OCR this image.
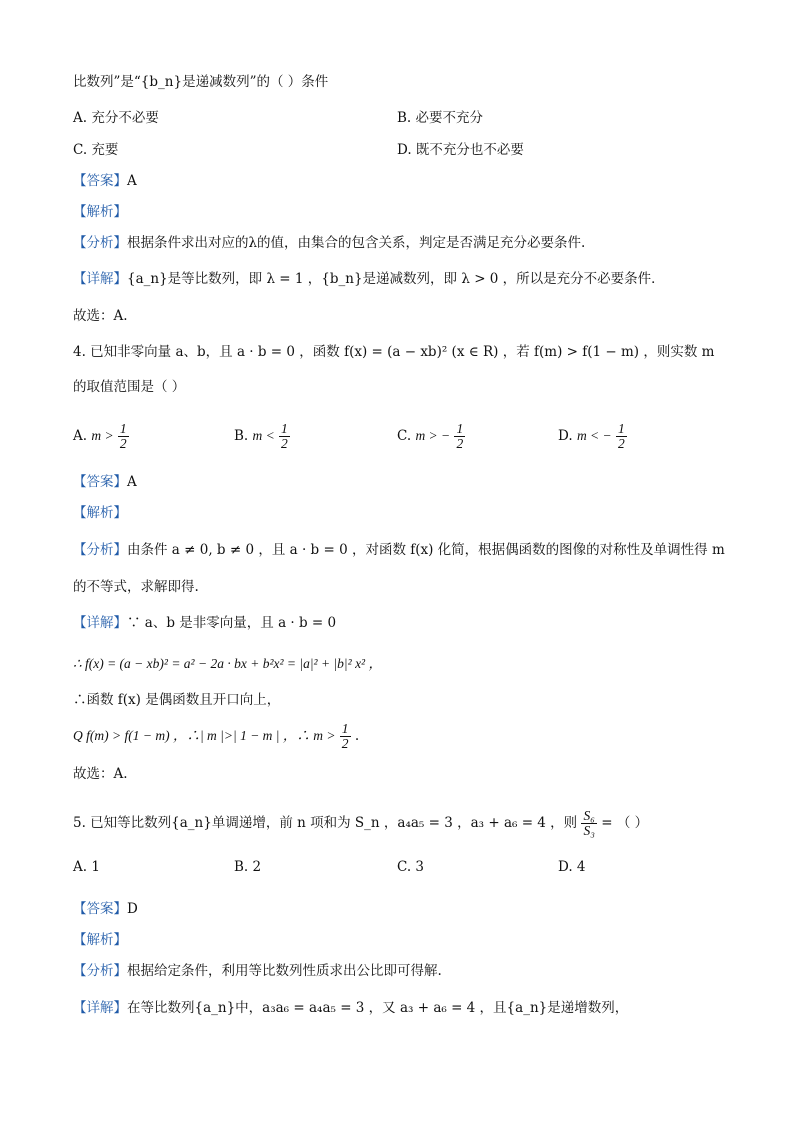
比数列”是“{b_n}是递减数列”的（ ）条件
A. 充分不必要	B. 必要不充分
C. 充要	D. 既不充分也不必要
【答案】A
【解析】
【分析】根据条件求出对应的λ的值，由集合的包含关系，判定是否满足充分必要条件.
【详解】{a_n}是等比数列，即 λ = 1 ，{b_n}是递减数列，即 λ > 0 ，所以是充分不必要条件．
故选：A.
4. 已知非零向量 a、b，且 a · b = 0 ，函数 f(x) = (a − xb)² (x ∈ R) ，若 f(m) > f(1 − m) ，则实数 m
的取值范围是（ ）
A. $m > \frac{1}{2}$	B. $m < \frac{1}{2}$	C. m > − $\frac{1}{2}$	D. m < − $\frac{1}{2}$
【答案】A
【解析】
【分析】由条件 a ≠ 0, b ≠ 0 ，且 a · b = 0 ，对函数 f(x) 化简，根据偶函数的图像的对称性及单调性得 m
的不等式，求解即得.
【详解】∵ a、b 是非零向量，且 a · b = 0
∴ f(x) = (a − xb)² = a² − 2a · bx + b²x² = |a|² + |b|² x² ，
∴函数 f(x) 是偶函数且开口向上，
Q f(m) > f(1 − m) ，∴| m |>| 1 − m | ，∴ $m > \frac{1}{2}$ .
故选：A.
5. 已知等比数列{a_n}单调递增，前 n 项和为 S_n ，a₄a₅ = 3 ，a₃ + a₆ = 4 ，则 $\frac{\text{S₆}}{\text{S₃}}$ = （ ）
A. 1	B. 2	C. 3	D. 4
【答案】D
【解析】
【分析】根据给定条件，利用等比数列性质求出公比即可得解.
【详解】在等比数列{a_n}中，a₃a₆ = a₄a₅ = 3 ，又 a₃ + a₆ = 4 ，且{a_n}是递增数列，
